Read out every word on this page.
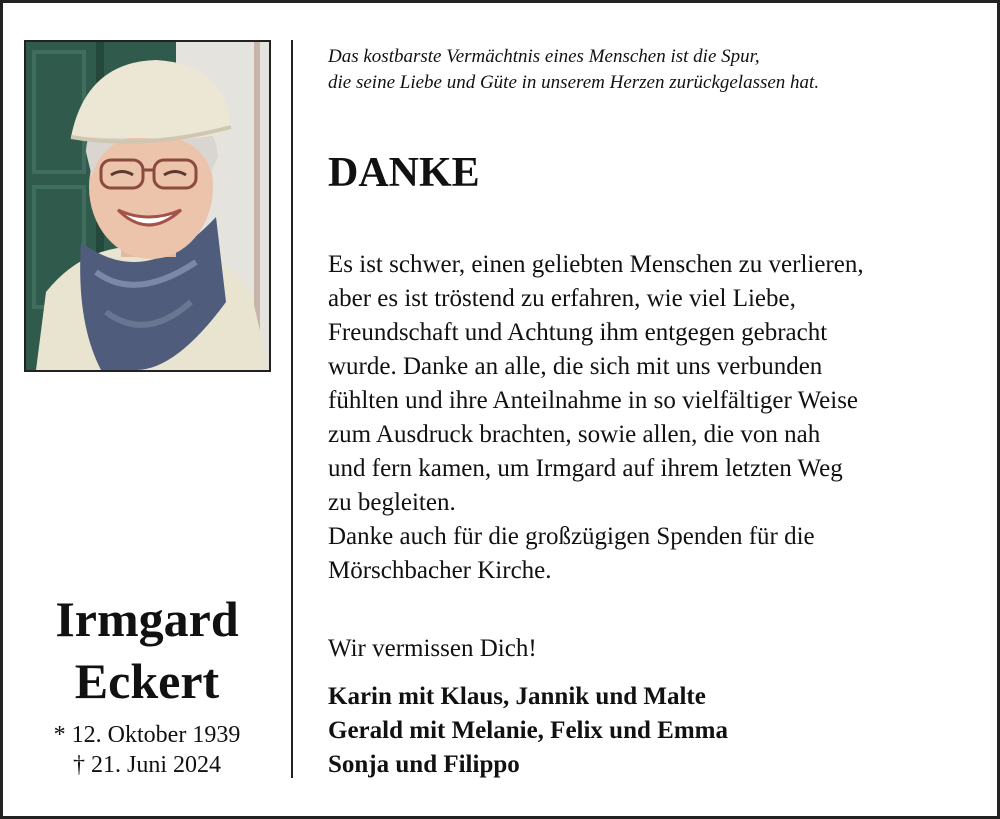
Irmgard
Eckert
* 12. Oktober 1939
† 21. Juni 2024
Das kostbarste Vermächtnis eines Menschen ist die Spur,
die seine Liebe und Güte in unserem Herzen zurückgelassen hat.
DANKE
Es ist schwer, einen geliebten Menschen zu verlieren,
aber es ist tröstend zu erfahren, wie viel Liebe,
Freundschaft und Achtung ihm entgegen gebracht
wurde. Danke an alle, die sich mit uns verbunden
fühlten und ihre Anteilnahme in so vielfältiger Weise
zum Ausdruck brachten, sowie allen, die von nah
und fern kamen, um Irmgard auf ihrem letzten Weg
zu begleiten.
Danke auch für die großzügigen Spenden für die
Mörschbacher Kirche.
Wir vermissen Dich!
Karin mit Klaus, Jannik und Malte
Gerald mit Melanie, Felix und Emma
Sonja und Filippo
